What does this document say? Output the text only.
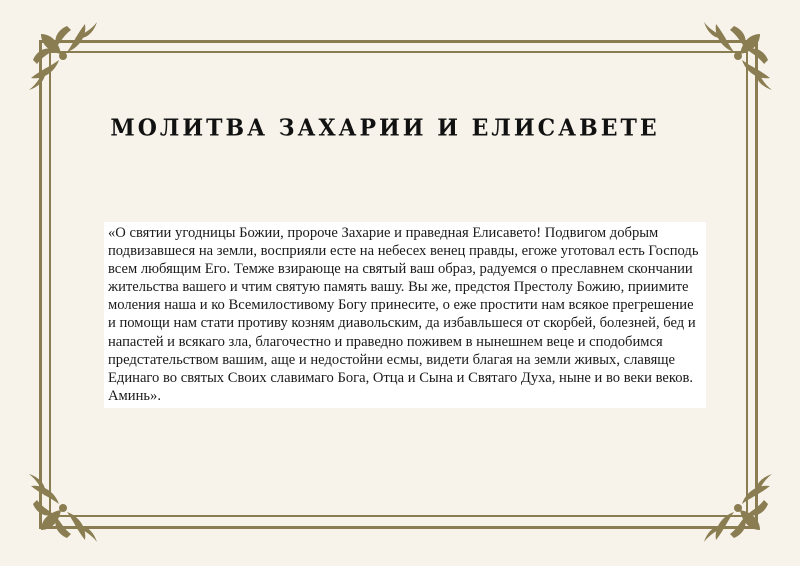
МОЛИТВА ЗАХАРИИ И ЕЛИСАВЕТЕ
«О святии угодницы Божии, пророче Захарие и праведная Елисавето! Подвигом добрым подвизавшеся на земли, восприяли есте на небесех венец правды, егоже уготовал есть Господь всем любящим Его. Темже взирающе на святый ваш образ, радуемся о преславнем скончании жительства вашего и чтим святую память вашу. Вы же, предстоя Престолу Божию, приимите моления наша и ко Всемилостивому Богу принесите, о еже простити нам всякое прегрешение и помощи нам стати противу козням диавольским, да избавльшеся от скорбей, болезней, бед и напастей и всякаго зла, благочестно и праведно поживем в нынешнем веце и сподобимся предстательством вашим, аще и недостойни есмы, видети благая на земли живых, славяще Единаго во святых Своих славимаго Бога, Отца и Сына и Святаго Духа, ныне и во веки веков. Аминь».
